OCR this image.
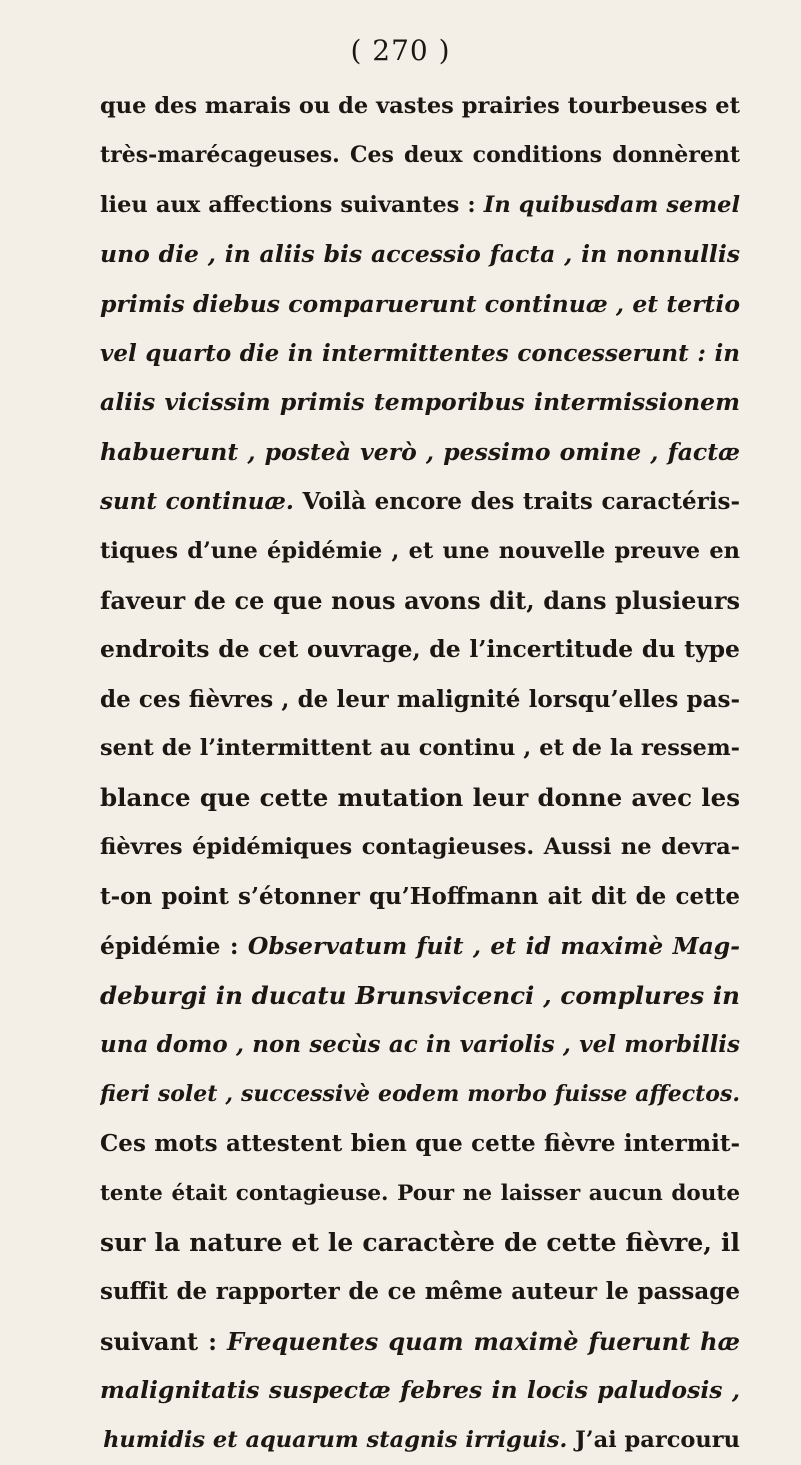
( 270 )
que des marais ou de vastes prairies tourbeuses et
très-marécageuses. Ces deux conditions donnèrent
lieu aux affections suivantes : In quibusdam semel
uno die , in aliis bis accessio facta , in nonnullis
primis diebus comparuerunt continuæ , et tertio
vel quarto die in intermittentes concesserunt : in
aliis vicissim primis temporibus intermissionem
habuerunt , posteà verò , pessimo omine , factæ
sunt continuæ. Voilà encore des traits caractéris-
tiques d’une épidémie , et une nouvelle preuve en
faveur de ce que nous avons dit, dans plusieurs
endroits de cet ouvrage, de l’incertitude du type
de ces fièvres , de leur malignité lorsqu’elles pas-
sent de l’intermittent au continu , et de la ressem-
blance que cette mutation leur donne avec les
fièvres épidémiques contagieuses. Aussi ne devra-
t-on point s’étonner qu’Hoffmann ait dit de cette
épidémie : Observatum fuit , et id maximè Mag-
deburgi in ducatu Brunsvicenci , complures in
una domo , non secùs ac in variolis , vel morbillis
fieri solet , successivè eodem morbo fuisse affectos.
Ces mots attestent bien que cette fièvre intermit-
tente était contagieuse. Pour ne laisser aucun doute
sur la nature et le caractère de cette fièvre, il
suffit de rapporter de ce même auteur le passage
suivant : Frequentes quam maximè fuerunt hæ
malignitatis suspectæ febres in locis paludosis ,
humidis et aquarum stagnis irriguis. J’ai parcouru
